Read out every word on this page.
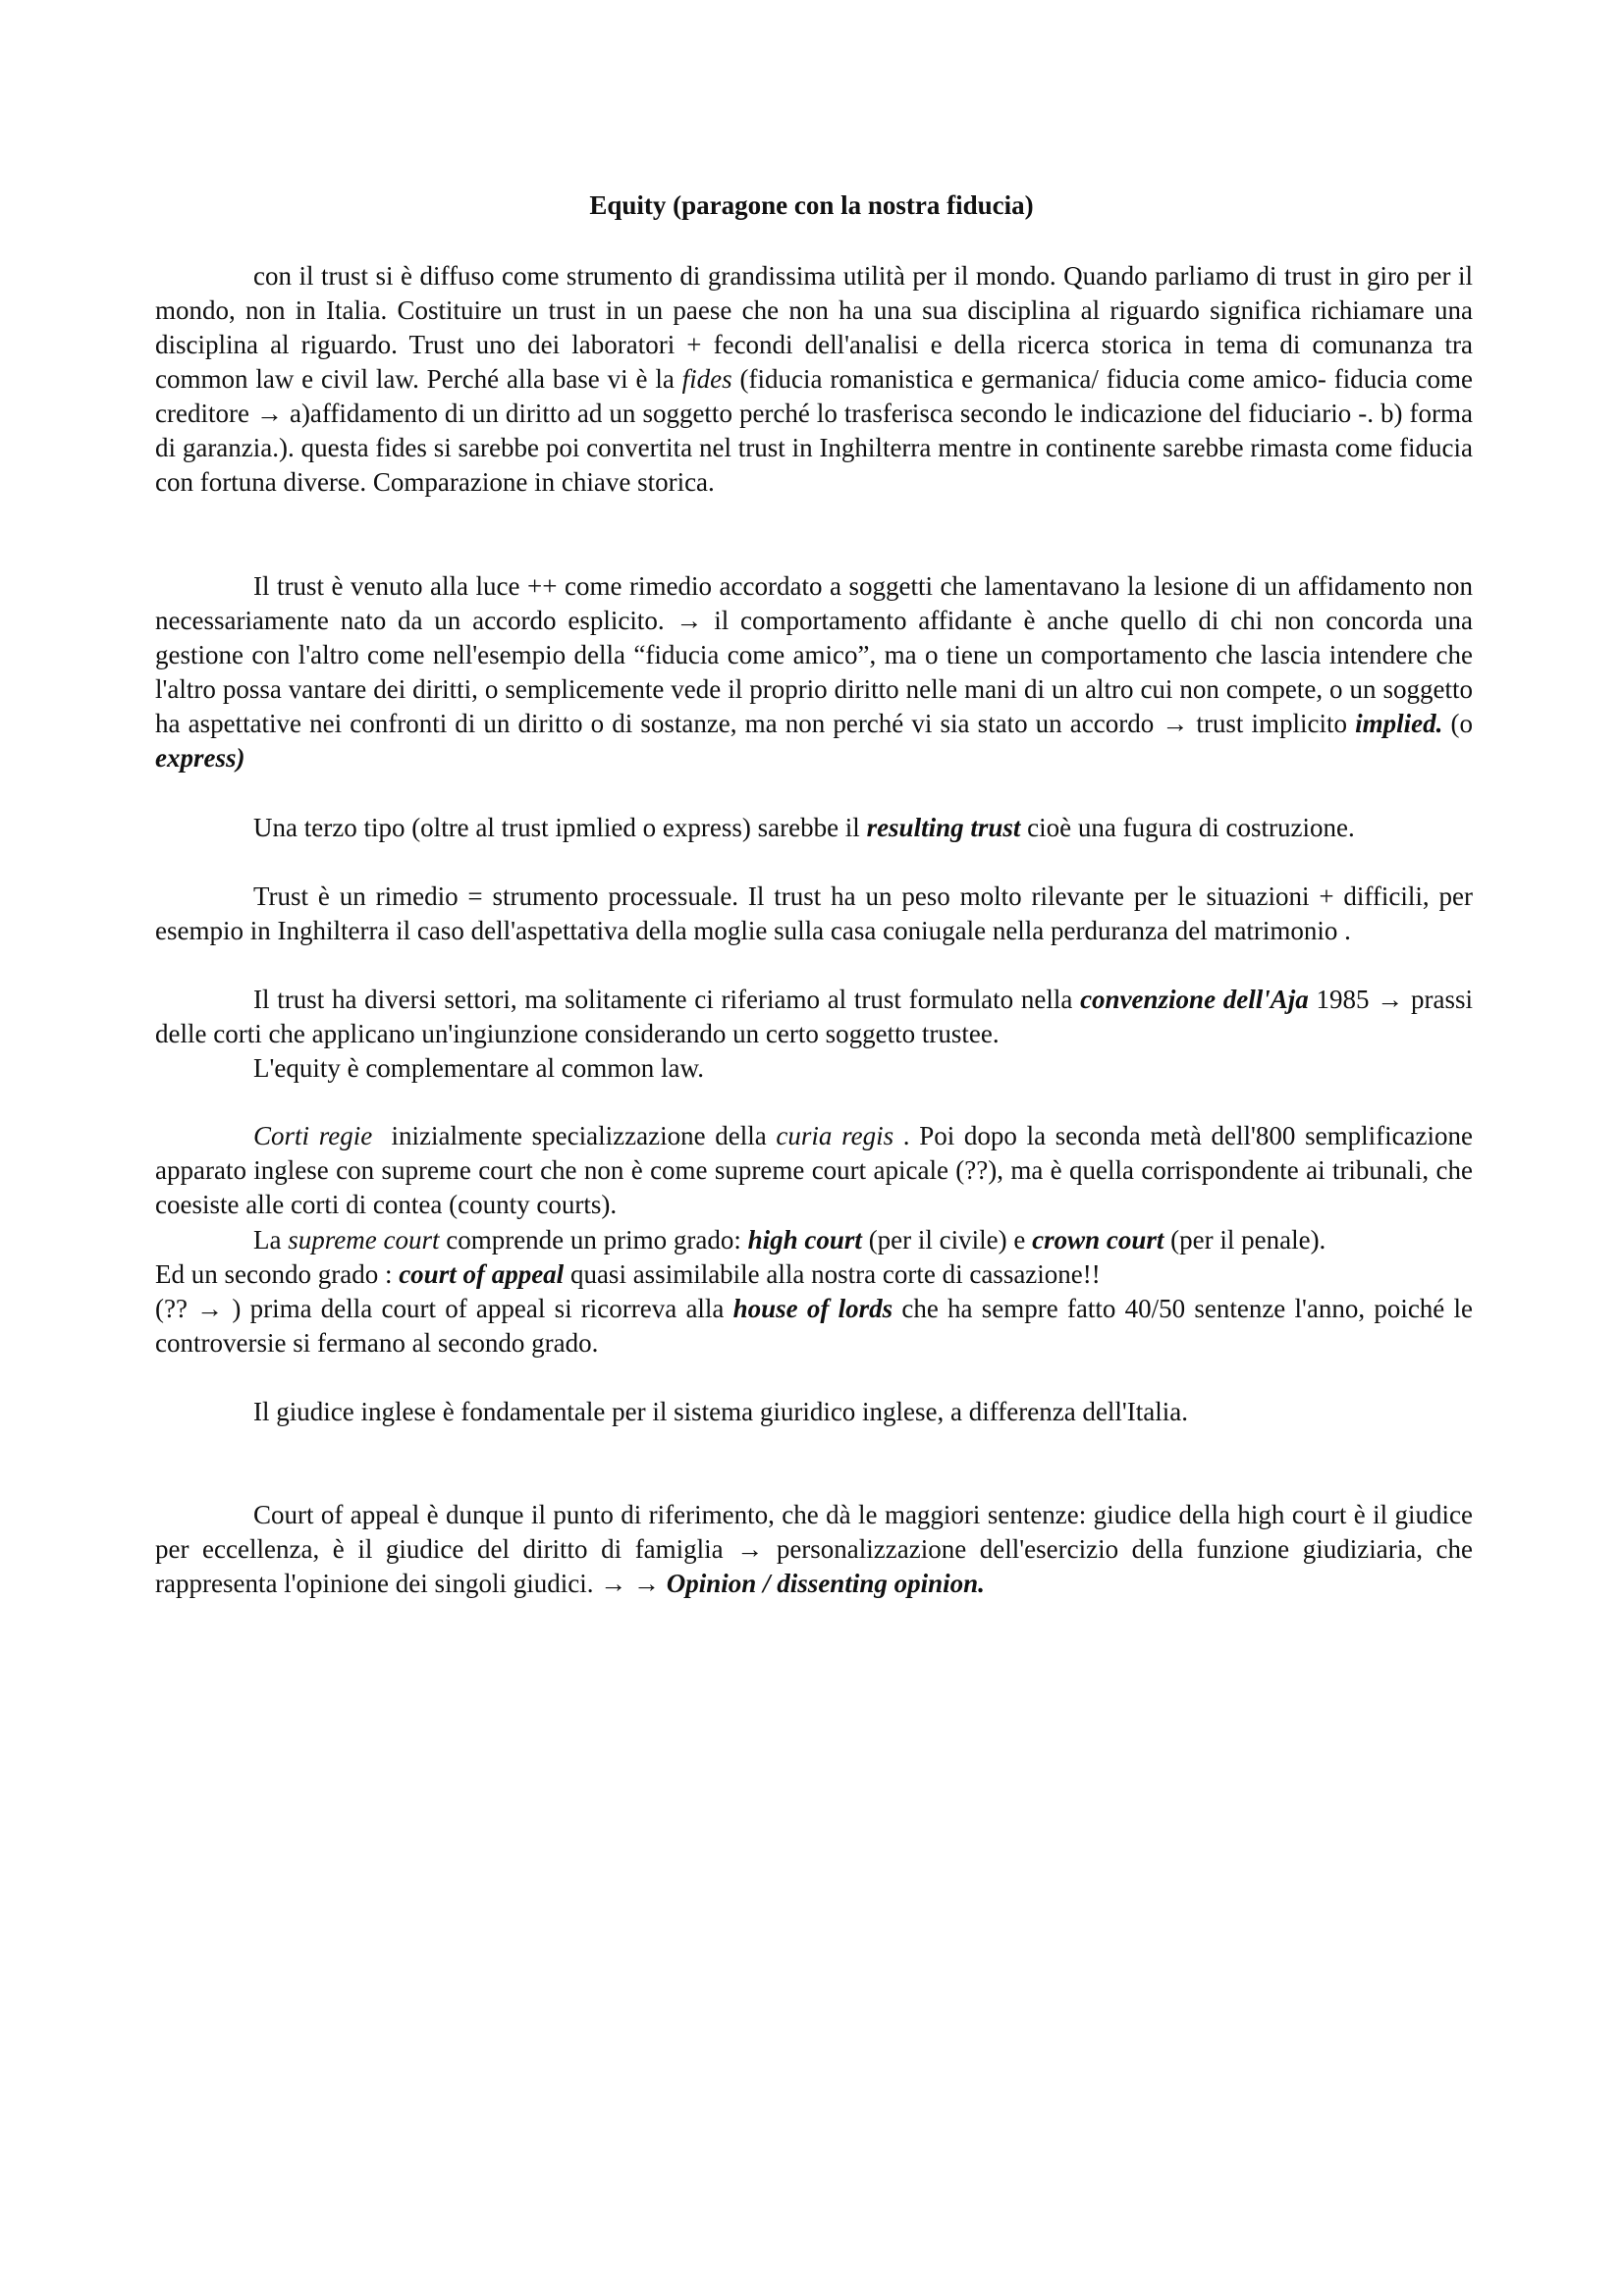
Equity (paragone con la nostra fiducia)
con il trust si è diffuso come strumento di grandissima utilità per il mondo. Quando parliamo di trust in giro per il mondo, non in Italia. Costituire un trust in un paese che non ha una sua disciplina al riguardo significa richiamare una disciplina al riguardo. Trust uno dei laboratori + fecondi dell'analisi e della ricerca storica in tema di comunanza tra common law e civil law. Perché alla base vi è la fides (fiducia romanistica e germanica/ fiducia come amico- fiducia come creditore → a)affidamento di un diritto ad un soggetto perché lo trasferisca secondo le indicazione del fiduciario -. b) forma di garanzia.). questa fides si sarebbe poi convertita nel trust in Inghilterra mentre in continente sarebbe rimasta come fiducia con fortuna diverse. Comparazione in chiave storica.
Il trust è venuto alla luce ++ come rimedio accordato a soggetti che lamentavano la lesione di un affidamento non necessariamente nato da un accordo esplicito. → il comportamento affidante è anche quello di chi non concorda una gestione con l'altro come nell'esempio della “fiducia come amico”, ma o tiene un comportamento che lascia intendere che l'altro possa vantare dei diritti, o semplicemente vede il proprio diritto nelle mani di un altro cui non compete, o un soggetto ha aspettative nei confronti di un diritto o di sostanze, ma non perché vi sia stato un accordo → trust implicito implied. (o express)
Una terzo tipo (oltre al trust ipmlied o express) sarebbe il resulting trust cioè una fugura di costruzione.
Trust è un rimedio = strumento processuale. Il trust ha un peso molto rilevante per le situazioni + difficili, per esempio in Inghilterra il caso dell'aspettativa della moglie sulla casa coniugale nella perduranza del matrimonio .
Il trust ha diversi settori, ma solitamente ci riferiamo al trust formulato nella convenzione dell'Aja 1985 → prassi delle corti che applicano un'ingiunzione considerando un certo soggetto trustee.
L'equity è complementare al common law.
Corti regie  inizialmente specializzazione della curia regis . Poi dopo la seconda metà dell'800 semplificazione apparato inglese con supreme court che non è come supreme court apicale (??), ma è quella corrispondente ai tribunali, che coesiste alle corti di contea (county courts).
La supreme court comprende un primo grado: high court (per il civile) e crown court (per il penale).
Ed un secondo grado : court of appeal quasi assimilabile alla nostra corte di cassazione!!
(?? → ) prima della court of appeal si ricorreva alla house of lords che ha sempre fatto 40/50 sentenze l'anno, poiché le controversie si fermano al secondo grado.
Il giudice inglese è fondamentale per il sistema giuridico inglese, a differenza dell'Italia.
Court of appeal è dunque il punto di riferimento, che dà le maggiori sentenze: giudice della high court è il giudice per eccellenza, è il giudice del diritto di famiglia → personalizzazione dell'esercizio della funzione giudiziaria, che rappresenta l'opinione dei singoli giudici. → → Opinion / dissenting opinion.
